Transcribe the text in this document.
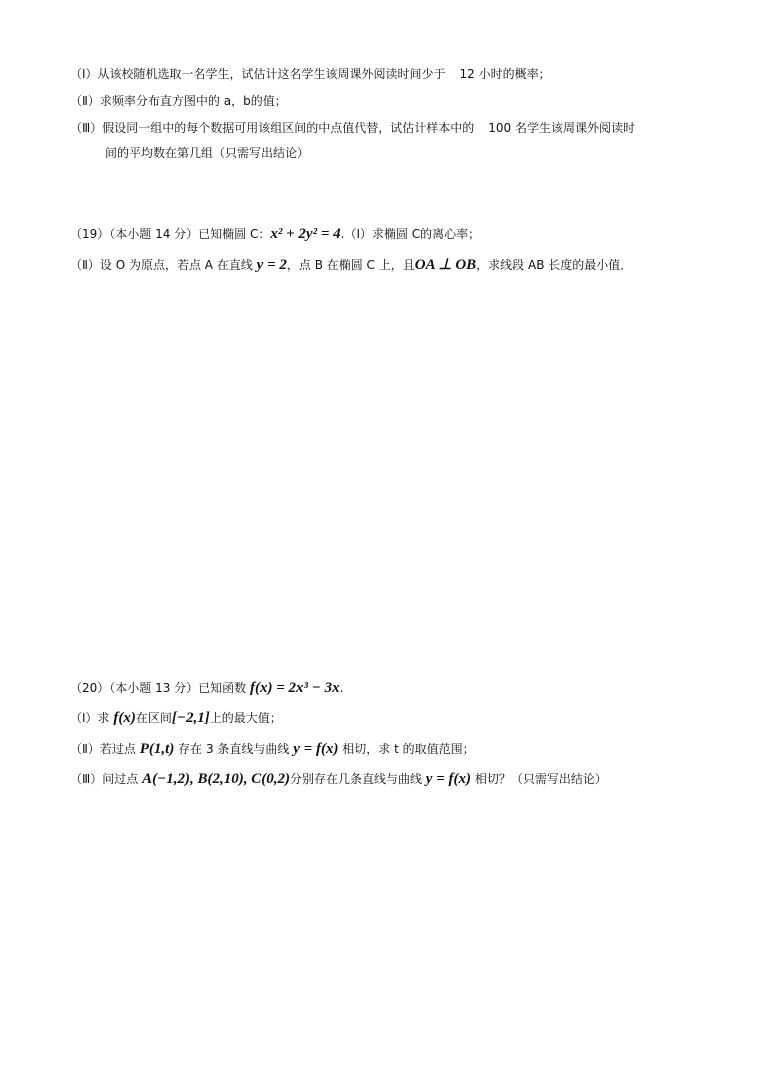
（Ⅰ）从该校随机选取一名学生，试估计这名学生该周课外阅读时间少于 12 小时的概率；
（Ⅱ）求频率分布直方图中的 a，b的值；
（Ⅲ）假设同一组中的每个数据可用该组区间的中点值代替，试估计样本中的 100 名学生该周课外阅读时
间的平均数在第几组（只需写出结论）
（19）（本小题 14 分）已知椭圆 C：x² + 2y² = 4.（Ⅰ）求椭圆 C的离心率；
（Ⅱ）设 O 为原点，若点 A 在直线 y = 2，点 B 在椭圆 C 上，且OA ⊥ OB，求线段 AB 长度的最小值．
（20）（本小题 13 分）已知函数 f(x) = 2x³ − 3x.
（Ⅰ）求 f(x)在区间[−2,1]上的最大值；
（Ⅱ）若过点 P(1,t) 存在 3 条直线与曲线 y = f(x) 相切，求 t 的取值范围；
（Ⅲ）问过点 A(−1,2), B(2,10), C(0,2)分别存在几条直线与曲线 y = f(x) 相切？（只需写出结论）
